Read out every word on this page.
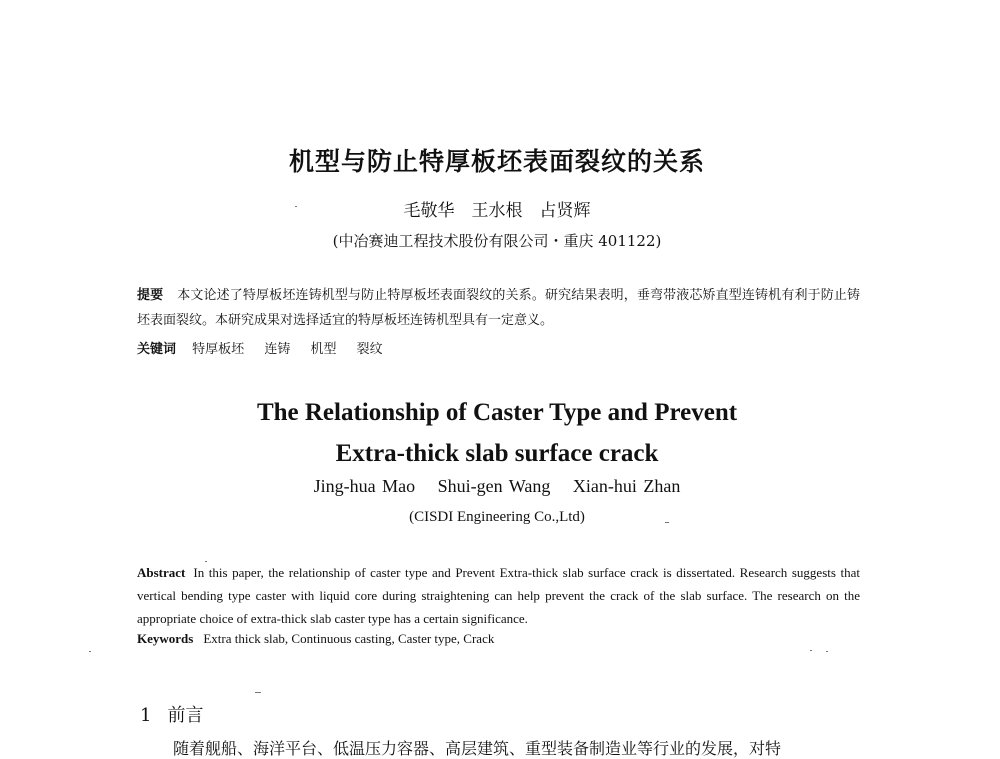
机型与防止特厚板坯表面裂纹的关系
毛敬华　王水根　占贤辉
(中冶赛迪工程技术股份有限公司・重庆 401122)
提要 本文论述了特厚板坯连铸机型与防止特厚板坯表面裂纹的关系。研究结果表明，垂弯带液芯矫直型连铸机有利于防止铸坯表面裂纹。本研究成果对选择适宜的特厚板坯连铸机型具有一定意义。
关键词 特厚板坯 连铸 机型 裂纹
The Relationship of Caster Type and Prevent
Extra-thick slab surface crack
Jing-hua Mao Shui-gen Wang Xian-hui Zhan
(CISDI Engineering Co.,Ltd)
Abstract In this paper, the relationship of caster type and Prevent Extra-thick slab surface crack is dissertated. Research suggests that vertical bending type caster with liquid core during straightening can help prevent the crack of the slab surface. The research on the appropriate choice of extra-thick slab caster type has a certain significance.
Keywords Extra thick slab, Continuous casting, Caster type, Crack
1 前言
随着舰船、海洋平台、低温压力容器、高层建筑、重型装备制造业等行业的发展，对特
